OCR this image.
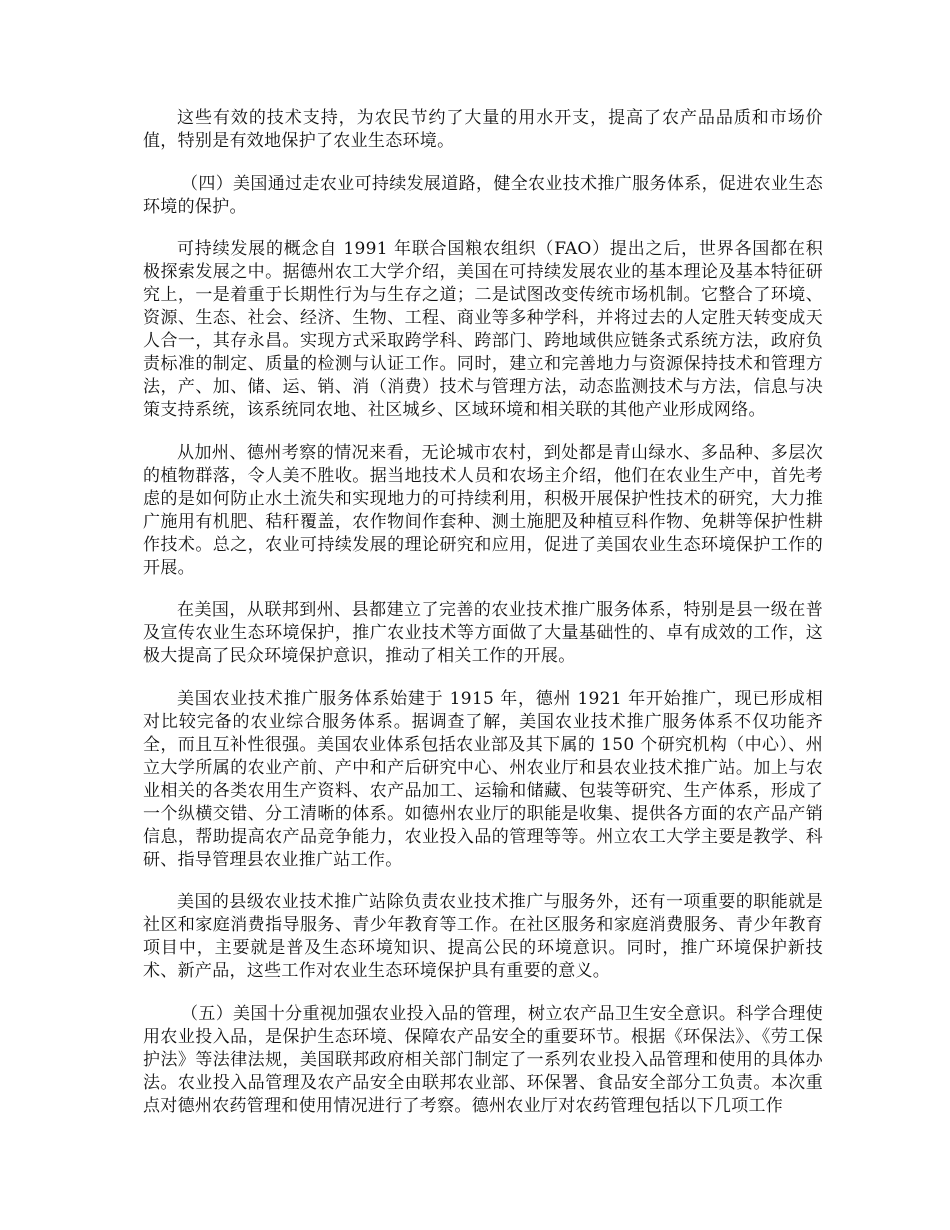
这些有效的技术支持，为农民节约了大量的用水开支，提高了农产品品质和市场价值，特别是有效地保护了农业生态环境。

（四）美国通过走农业可持续发展道路，健全农业技术推广服务体系，促进农业生态环境的保护。

可持续发展的概念自 1991 年联合国粮农组织（FAO）提出之后，世界各国都在积极探索发展之中。据德州农工大学介绍，美国在可持续发展农业的基本理论及基本特征研究上，一是着重于长期性行为与生存之道；二是试图改变传统市场机制。它整合了环境、资源、生态、社会、经济、生物、工程、商业等多种学科，并将过去的人定胜天转变成天人合一，其存永昌。实现方式采取跨学科、跨部门、跨地域供应链条式系统方法，政府负责标准的制定、质量的检测与认证工作。同时，建立和完善地力与资源保持技术和管理方法，产、加、储、运、销、消（消费）技术与管理方法，动态监测技术与方法，信息与决策支持系统，该系统同农地、社区城乡、区域环境和相关联的其他产业形成网络。

从加州、德州考察的情况来看，无论城市农村，到处都是青山绿水、多品种、多层次的植物群落，令人美不胜收。据当地技术人员和农场主介绍，他们在农业生产中，首先考虑的是如何防止水土流失和实现地力的可持续利用，积极开展保护性技术的研究，大力推广施用有机肥、秸秆覆盖，农作物间作套种、测土施肥及种植豆科作物、免耕等保护性耕作技术。总之，农业可持续发展的理论研究和应用，促进了美国农业生态环境保护工作的开展。

在美国，从联邦到州、县都建立了完善的农业技术推广服务体系，特别是县一级在普及宣传农业生态环境保护，推广农业技术等方面做了大量基础性的、卓有成效的工作，这极大提高了民众环境保护意识，推动了相关工作的开展。

美国农业技术推广服务体系始建于 1915 年，德州 1921 年开始推广，现已形成相对比较完备的农业综合服务体系。据调查了解，美国农业技术推广服务体系不仅功能齐全，而且互补性很强。美国农业体系包括农业部及其下属的 150 个研究机构（中心）、州立大学所属的农业产前、产中和产后研究中心、州农业厅和县农业技术推广站。加上与农业相关的各类农用生产资料、农产品加工、运输和储藏、包装等研究、生产体系，形成了一个纵横交错、分工清晰的体系。如德州农业厅的职能是收集、提供各方面的农产品产销信息，帮助提高农产品竞争能力，农业投入品的管理等等。州立农工大学主要是教学、科研、指导管理县农业推广站工作。

美国的县级农业技术推广站除负责农业技术推广与服务外，还有一项重要的职能就是社区和家庭消费指导服务、青少年教育等工作。在社区服务和家庭消费服务、青少年教育项目中，主要就是普及生态环境知识、提高公民的环境意识。同时，推广环境保护新技术、新产品，这些工作对农业生态环境保护具有重要的意义。

（五）美国十分重视加强农业投入品的管理，树立农产品卫生安全意识。科学合理使用农业投入品，是保护生态环境、保障农产品安全的重要环节。根据《环保法》、《劳工保护法》等法律法规，美国联邦政府相关部门制定了一系列农业投入品管理和使用的具体办法。农业投入品管理及农产品安全由联邦农业部、环保署、食品安全部分工负责。本次重点对德州农药管理和使用情况进行了考察。德州农业厅对农药管理包括以下几项工作
